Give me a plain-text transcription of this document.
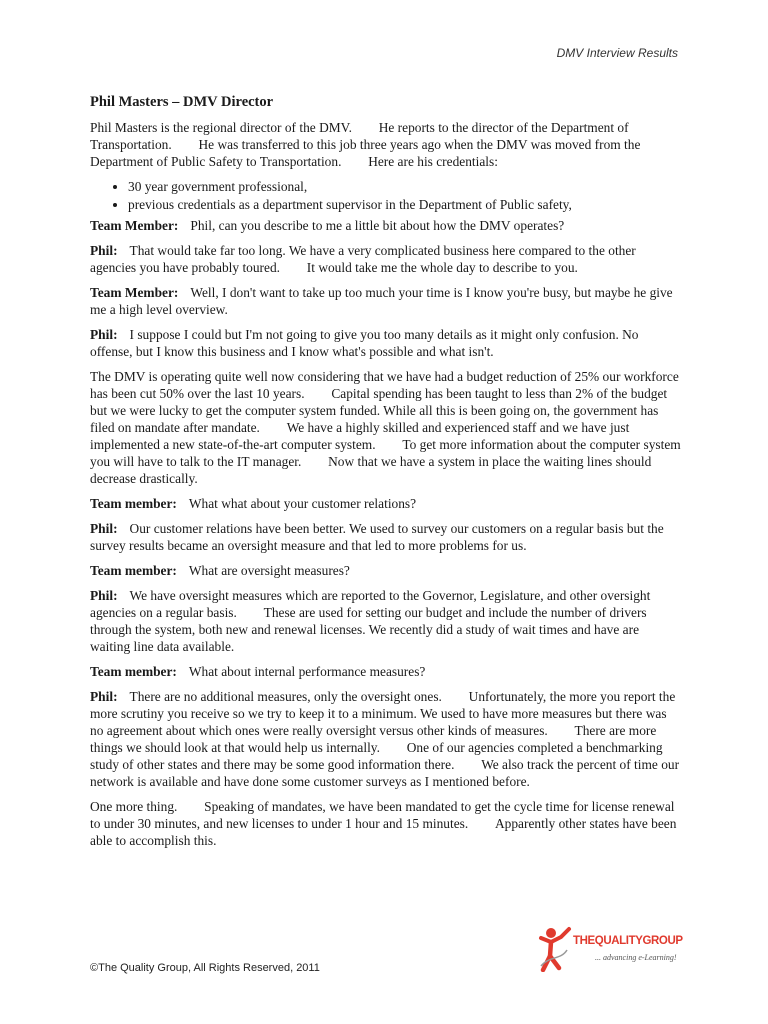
DMV Interview Results

Phil Masters – DMV Director

Phil Masters is the regional director of the DMV.  He reports to the director of the Department of Transportation.  He was transferred to this job three years ago when the DMV was moved from the Department of Public Safety to Transportation.  Here are his credentials:

• 30 year government professional,
• previous credentials as a department supervisor in the Department of Public safety,

Team Member: Phil, can you describe to me a little bit about how the DMV operates?

Phil: That would take far too long. We have a very complicated business here compared to the other agencies you have probably toured.  It would take me the whole day to describe to you.

Team Member: Well, I don't want to take up too much your time is I know you're busy, but maybe he give me a high level overview.

Phil: I suppose I could but I'm not going to give you too many details as it might only confusion. No offense, but I know this business and I know what's possible and what isn't.

The DMV is operating quite well now considering that we have had a budget reduction of 25% our workforce has been cut 50% over the last 10 years.  Capital spending has been taught to less than 2% of the budget but we were lucky to get the computer system funded. While all this is been going on, the government has filed on mandate after mandate.  We have a highly skilled and experienced staff and we have just implemented a new state-of-the-art computer system.  To get more information about the computer system you will have to talk to the IT manager.  Now that we have a system in place the waiting lines should decrease drastically.

Team member: What what about your customer relations?

Phil: Our customer relations have been better. We used to survey our customers on a regular basis but the survey results became an oversight measure and that led to more problems for us.

Team member: What are oversight measures?

Phil: We have oversight measures which are reported to the Governor, Legislature, and other oversight agencies on a regular basis.  These are used for setting our budget and include the number of drivers through the system, both new and renewal licenses. We recently did a study of wait times and have are waiting line data available.

Team member: What about internal performance measures?

Phil: There are no additional measures, only the oversight ones.  Unfortunately, the more you report the more scrutiny you receive so we try to keep it to a minimum. We used to have more measures but there was no agreement about which ones were really oversight versus other kinds of measures.  There are more things we should look at that would help us internally.  One of our agencies completed a benchmarking study of other states and there may be some good information there.  We also track the percent of time our network is available and have done some customer surveys as I mentioned before.

One more thing.  Speaking of mandates, we have been mandated to get the cycle time for license renewal to under 30 minutes, and new licenses to under 1 hour and 15 minutes.  Apparently other states have been able to accomplish this.

©The Quality Group, All Rights Reserved, 2011
THEQUALITYGROUP
... advancing e-Learning!
